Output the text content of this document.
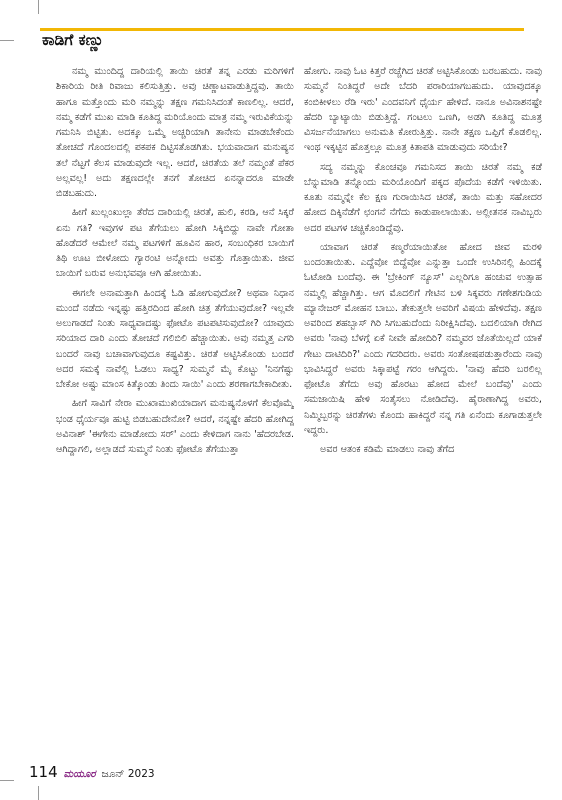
ಕಾಡಿಗೆ ಕಣ್ಣು

ನಮ್ಮ ಮುಂದಿದ್ದ ದಾರಿಯಲ್ಲಿ ತಾಯಿ ಚಿರತೆ ತನ್ನ ಎರಡು ಮರಿಗಳಿಗೆ ಶಿಕಾರಿಯ ರೀತಿ ರಿವಾಜು ಕಲಿಸುತ್ತಿತ್ತು. ಅವು ಚಿಣ್ಣಾಟವಾಡುತ್ತಿದ್ದವು. ತಾಯಿ ಹಾಗೂ ಮತ್ತೊಂದು ಮರಿ ನಮ್ಮನ್ನು ತಕ್ಷಣ ಗಮನಿಸಿದಂತೆ ಕಾಣಲಿಲ್ಲ. ಆದರೆ, ನಮ್ಮ ಕಡೆಗೆ ಮುಖ ಮಾಡಿ ಕೂತಿದ್ದ ಮರಿಯೊಂದು ಮಾತ್ರ ನಮ್ಮ ಇರುವಿಕೆಯನ್ನು ಗಮನಿಸಿ ಬಿಟ್ಟಿತು. ಅದಕ್ಕೂ ಒಮ್ಮೆ ಅಚ್ಚರಿಯಾಗಿ ತಾನೇನು ಮಾಡಬೇಕೆಂದು ತೋಚದೆ ಗೊಂದಲದಲ್ಲಿ ಪಕಪಕ ದಿಟ್ಟಿಸತೊಡಗಿತು. ಭಯವಾದಾಗ ಮನುಷ್ಯನ ತಲೆ ನೆಟ್ಟಗೆ ಕೆಲಸ ಮಾಡುವುದೇ ಇಲ್ಲ. ಆದರೆ, ಚಿರತೆಯ ತಲೆ ನಮ್ಮಂತೆ ಪೆಕರ ಅಲ್ಲವಲ್ಲ! ಅದು ತಕ್ಷಣದಲ್ಲೇ ತನಗೆ ತೋಚಿದ ಏನನ್ನಾದರೂ ಮಾಡೇ ಬಿಡಬಹುದು.

ಹೀಗೆ ಖುಲ್ಲಂಖುಲ್ಲಾ ತೆರೆದ ದಾರಿಯಲ್ಲಿ ಚಿರತೆ, ಹುಲಿ, ಕರಡಿ, ಆನೆ ಸಿಕ್ಕರೆ ಏನು ಗತಿ? ಇವುಗಳ ಪಟ ತೆಗೆಯಲು ಹೋಗಿ ಸಿಕ್ಕಿಬಿದ್ದು ನಾವೇ ಗೋತಾ ಹೊಡೆದರೆ ಆಮೇಲೆ ನಮ್ಮ ಪಟಗಳಿಗೆ ಹೂವಿನ ಹಾರ, ಸಂಬಂಧಿಕರ ಬಾಯಿಗೆ ತಿಥಿ ಊಟ ಬೀಳೋದು ಗ್ಯಾರಂಟಿ ಅನ್ನೋದು ಅವತ್ತು ಗೊತ್ತಾಯಿತು. ಜೀವ ಬಾಯಿಗೆ ಬರುವ ಅನುಭವವೂ ಆಗಿ ಹೋಯಿತು.

ಈಗಲೇ ಅನಾಮತ್ತಾಗಿ ಹಿಂದಕ್ಕೆ ಓಡಿ ಹೋಗುವುದೋ? ಅಥವಾ ನಿಧಾನ ಮುಂದೆ ನಡೆದು ಇನ್ನಷ್ಟು ಹತ್ತಿರದಿಂದ ಹೋಗಿ ಚಿತ್ರ ತೆಗೆಯುವುದೋ? ಇಲ್ಲವೇ ಅಲುಗಾಡದೆ ನಿಂತು ಸಾಧ್ಯವಾದಷ್ಟು ಫೋಟೊ ಪಟಪಟಿಸುವುದೋ? ಯಾವುದು ಸರಿಯಾದ ದಾರಿ ಎಂದು ತೋಚದೆ ಗಲಿಬಿಲಿ ಹೆಚ್ಚಾಯಿತು. ಅವು ನಮ್ಮತ್ತ ಎಗರಿ ಬಂದರೆ ನಾವು ಬಚಾವಾಗುವುದೂ ಕಷ್ಟವಿತ್ತು. ಚಿರತೆ ಅಟ್ಟಿಸಿಕೊಂಡು ಬಂದರೆ ಅದರ ಸಮಕ್ಕೆ ನಾವೆಲ್ಲಿ ಓಡಲು ಸಾಧ್ಯ? ಸುಮ್ಮನೆ ಮೈ ಕೊಟ್ಟು 'ನಿನಗೆಷ್ಟು ಬೇಕೋ ಅಷ್ಟು ಮಾಂಸ ಕಿತ್ಕೊಂಡು ತಿಂದು ಸಾಯಿ' ಎಂದು ಶರಣಾಗಬೇಕಾದೀತು.

ಹೀಗೆ ಸಾವಿಗೆ ನೇರಾ ಮುಖಾಮುಖಿಯಾದಾಗ ಮನುಷ್ಯನೊಳಗೆ ಕೆಲವೊಮ್ಮೆ ಭಂಡ ಧೈರ್ಯವೂ ಹುಟ್ಟಿ ಬಿಡಬಹುದೇನೋ? ಆದರೆ, ನನ್ನಷ್ಟೇ ಹೆದರಿ ಹೋಗಿದ್ದ ಅವಿನಾಶ್ 'ಈಗೇನು ಮಾಡೋದು ಸರ್' ಎಂದು ಕೇಳಿದಾಗ ನಾನು 'ಹೆದರಬೇಡ. ಆಗಿದ್ದಾಗಲಿ, ಅಲ್ಲಾಡದೆ ಸುಮ್ಮನೆ ನಿಂತು ಫೋಟೊ ತೆಗೆಯುತ್ತಾ

ಹೋಗು. ನಾವು ಓಟ ಕಿತ್ತರೆ ರಚ್ಚೆಗಿದ ಚಿರತೆ ಅಟ್ಟಿಸಿಕೊಂಡು ಬರಬಹುದು. ನಾವು ಸುಮ್ಮನೆ ನಿಂತಿದ್ದರೆ ಅದೇ ಬೆದರಿ ಪರಾರಿಯಾಗಬಹುದು. ಯಾವುದಕ್ಕೂ ಕಂಬಿಕೀಳಲು ರೆಡಿ ಇರು' ಎಂದವನಿಗೆ ಧೈರ್ಯ ಹೇಳಿದೆ. ನಾನೂ ಅವಿನಾಶನಷ್ಟೇ ಹೆದರಿ ಬ್ಯಾಟ್ಯಾಯಿ ಬಿಡುತ್ತಿದ್ದೆ. ಗಂಟಲು ಒಣಗಿ, ಅಡಗಿ ಕೂತಿದ್ದ ಮೂತ್ರ ವಿಸರ್ಜನೆಯಾಗಲು ಅನುಮತಿ ಕೋರುತ್ತಿತ್ತು. ನಾನೇ ತಕ್ಷಣ ಒಪ್ಪಿಗೆ ಕೊಡಲಿಲ್ಲ. ಇಂಥ ಇಕ್ಕಟ್ಟಿನ ಹೊತ್ತಲ್ಲೂ ಮೂತ್ರ ಕಿತಾಪತಿ ಮಾಡುವುದು ಸರಿಯೇ?

ಸದ್ಯ ನಮ್ಮನ್ನು ಕೊಂಚವೂ ಗಮನಿಸದ ತಾಯಿ ಚಿರತೆ ನಮ್ಮ ಕಡೆ ಬೆನ್ನುಮಾಡಿ ತನ್ನೊಂದು ಮರಿಯೊಂದಿಗೆ ಪಕ್ಕದ ಪೊದೆಯ ಕಡೆಗೆ ಇಳಿಯಿತು. ಕೂತು ನಮ್ಮನ್ನೇ ಕೆಲ ಕ್ಷಣ ಗುರಾಯಿಸಿದ ಚಿರತೆ, ತಾಯಿ ಮತ್ತು ಸಹೋದರ ಹೋದ ದಿಕ್ಕಿನೆಡೆಗೆ ಛಂಗನೆ ನೆಗೆದು ಕಾಡುಪಾಲಾಯಿತು. ಅಲ್ಲೀತನಕ ನಾವಿಬ್ಬರು ಅದರ ಪಟಗಳ ಚಚ್ಚಿಕೊಂಡಿದ್ದೆವು.

ಯಾವಾಗ ಚಿರತೆ ಕಣ್ಮರೆಯಾಯಿತೋ ಹೋದ ಜೀವ ಮರಳಿ ಬಂದಂತಾಯಿತು. ಎದ್ದೆವೋ ಬಿದ್ದೆವೋ ಎನ್ನುತ್ತಾ ಒಂದೇ ಉಸಿರಿನಲ್ಲಿ ಹಿಂದಕ್ಕೆ ಓಟೋಡಿ ಬಂದೆವು. ಈ 'ಬ್ರೇಕಿಂಗ್ ನ್ಯೂಸ್' ಎಲ್ಲರಿಗೂ ಹಂಚುವ ಉತ್ಸಾಹ ನಮ್ಮಲ್ಲಿ ಹೆಚ್ಚಾಗಿತ್ತು. ಆಗ ಮೊದಲಿಗೆ ಗೇಟಿನ ಬಳಿ ಸಿಕ್ಕವರು ಗಣೇಶಗುಡಿಯ ಮ್ಯಾನೇಜರ್ ಮೋಹನ ಬಾಬು. ತೇಕುತ್ತಲೇ ಅವರಿಗೆ ವಿಷಯ ಹೇಳಿದೆವು. ತಕ್ಷಣ ಅವರಿಂದ ಶಹಬ್ಬಾಸ್ ಗಿರಿ ಸಿಗಬಹುದೆಂದು ನಿರೀಕ್ಷಿಸಿದೆವು. ಬದಲಿಯಾಗಿ ರೇಗಿದ ಅವರು 'ನಾವು ಬೆಳಗ್ಗೆ ಏಕೆ ನೀವೇ ಹೋದಿರಿ? ನಮ್ಮವರ ಜೊತೆಯಿಲ್ಲದೆ ಯಾಕೆ ಗೇಟು ದಾಟಿದಿರಿ?' ಎಂದು ಗದರಿದರು. ಅವರು ಸಂತೋಷಪಡುತ್ತಾರೆಂದು ನಾವು ಭಾವಿಸಿದ್ದರೆ ಅವರು ಸಿಕ್ಕಾಪಟ್ಟೆ ಗರಂ ಆಗಿದ್ದರು. 'ನಾವು ಹೆದರಿ ಬರಲಿಲ್ಲ ಫೋಟೊ ತೆಗೆದು ಅವು ಹೊರಟು ಹೋದ ಮೇಲೆ ಬಂದೆವು' ಎಂದು ಸಮಜಾಯಿಷಿ ಹೇಳಿ ಸಂತೈಸಲು ನೋಡಿದೆವು. ಹೈರಾಣಾಗಿದ್ದ ಅವರು, ನಿಮ್ಮಿಬ್ಬರನ್ನು ಚಿರತೆಗಳು ಕೊಂದು ಹಾಕಿದ್ದರೆ ನನ್ನ ಗತಿ ಏನೆಂದು ಕೂಗಾಡುತ್ತಲೇ ಇದ್ದರು.

ಅವರ ಆತಂಕ ಕಡಿಮೆ ಮಾಡಲು ನಾವು ತೆಗೆದ

114 ಮಯೂರ ಜೂನ್ 2023
